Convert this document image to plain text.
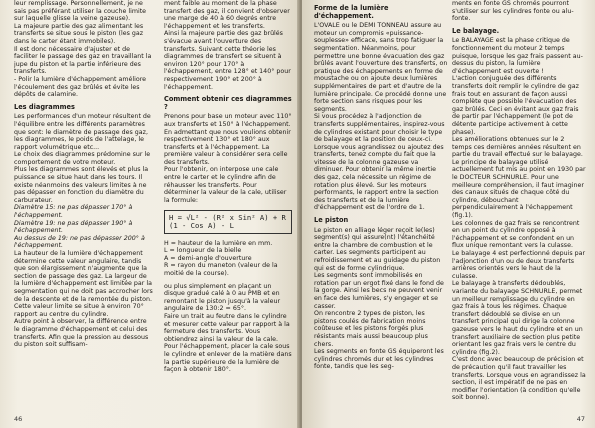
leur remplissage. Personnellement, je ne sais pas préférant utiliser la couche limite sur laquelle glisse la veine gazeuse).

La majeure partie des gaz alimentant les transferts se situe sous le piston (les gaz dans le carter étant immobiles).

Il est donc nécessaire d'ajuster et de faciliter le passage des gaz en travaillant la jupe du piston et la partie inférieure des transferts.

- Polir la lumière d'échappement améliore l'écoulement des gaz brûlés et évite les dépôts de calamine.

Les diagrammes

Les performances d'un moteur résultent de l'équilibre entre les différents paramètres que sont: le diamètre de passage des gaz, les diagrammes, le poids de l'attelage, le rapport volumétrique etc...

Le choix des diagrammes prédomine sur le comportement de votre moteur.

Plus les diagrammes sont élevés et plus la puissance se situe haut dans les tours. Il existe néanmoins des valeurs limites à ne pas dépasser en fonction du diamètre du carburateur.

Diamètre 15: ne pas dépasser 170° à l'échappement.

Diamètre 19: ne pas dépasser 190° à l'échappement.

Au dessus de 19: ne pas dépasser 200° à l'échappement.

La hauteur de la lumière d'échappement détermine cette valeur angulaire, tandis que son élargissement n'augmente que la section de passage des gaz. La largeur de la lumière d'échappement est limitée par la segmentation qui ne doit pas accrocher lors de la descente et de la remontée du piston. Cette valeur limite se situe à environ 70° rapport au centre du cylindre.

Autre point à observer, la différence entre le diagramme d'échappement et celui des transferts. Afin que la pression au dessous du piston soit suffisam-

ment faible au moment de la phase transfert des gaz, il convient d'observer une marge de 40 à 60 degrés entre l'échappement et les transferts.

Ainsi la majeure partie des gaz brûlés s'évacue avant l'ouverture des transferts. Suivant cette théorie les diagrammes de transfert se situent à environ 120° pour 170° à l'échappement, entre 128° et 140° pour respectivement 190° et 200° à l'échappement.

Comment obtenir ces diagrammes ?

Prenons pour base un moteur avec 110° aux transferts et 150° à l'échappement. En admettant que nous voulions obtenir respectivement 130° et 180° aux transferts et à l'échappement. La première valeur à considérer sera celle des transferts.

Pour l'obtenir, on interpose une cale entre le carter et le cylindre afin de réhausser les transferts. Pour déterminer la valeur de la cale, utiliser la formule:

H = √L² - (R² x Sin² A) + R (1 - Cos A) - L

H = hauteur de la lumière en mm.

L = longueur de la bielle

A = demi-angle d'ouverture

R = rayon du maneton (valeur de la moitié de la course).

ou plus simplement en plaçant un disque gradué calé à 0 au PMB et en remontant le piston jusqu'à la valeur angulaire de 130:2 = 65°.

Faire un trait au feutre dans le cylindre et mesurer cette valeur par rapport à la fermeture des transferts. Vous obtiendrez ainsi la valeur de la cale.

Pour l'échappement, placer la cale sous le cylindre et enlever de la matière dans la partie supérieure de la lumière de façon à obtenir 180°.

46

Forme de la lumière d'échappement.

L'OVALE ou le DEMI TONNEAU assure au moteur un compromis «puissance-souplesse» efficace, sans trop fatiguer la segmentation. Néanmoins, pour permettre une bonne évacuation des gaz brûlés avant l'ouverture des transferts, on pratique des échappements en forme de moustache ou on ajoute deux lumières supplémentaires de part et d'autre de la lumière principale. Ce procédé donne une forte section sans risques pour les segments.

Si vous procédez à l'adjonction de transferts supplémentaires, inspirez-vous de cylindres existant pour choisir le type de balayage et la position de ceux-ci.

Lorsque vous agrandissez ou ajoutez des transferts, tenez compte du fait que la vitesse de la colonne gazeuse va diminuer. Pour obtenir la même inertie des gaz, cela nécessite un régime de rotation plus élevé. Sur les moteurs performants, le rapport entre la section des transferts et de la lumière d'échappement est de l'ordre de 1.

Le piston

Le piston en alliage léger reçoit le(les) segment(s) qui assure(nt) l'étanchéité entre la chambre de combustion et le carter. Les segments participent au refroidissement et au guidage du piston qui est de forme cylindrique.

Les segments sont immobilisés en rotation par un ergot fixé dans le fond de la gorge. Ainsi les becs ne peuvent venir en face des lumières, s'y engager et se casser.

On rencontre 2 types de piston, les pistons coulés de fabrication moins coûteuse et les pistons forgés plus résistants mais aussi beaucoup plus chers.

Les segments en fonte GS équiperont les cylindres chromés dur et les cylindres fonte, tandis que les seg-

ments en fonte GS chromés pourront s'utiliser sur les cylindres fonte ou alu-fonte.

Le balayage.

Le BALAYAGE est la phase critique de fonctionnement du moteur 2 temps puisque, lorsque les gaz frais passent au-dessus du piston, la lumière d'échappement est ouverte !

L'action conjuguée des différents transferts doit remplir le cylindre de gaz frais tout en assurant de façon aussi complète que possible l'évacuation des gaz brûlés. Ceci en évitant aux gaz frais de partir par l'échappement (le pot de détente participe activement à cette phase).

Les améliorations obtenues sur le 2 temps ces dernières années résultent en partie du travail effectué sur le balayage.

Le principe de balayage utilisé actuellement fut mis au point en 1930 par le DOCTEUR SCHNURLE. Pour une meilleure compréhension, il faut imaginer des canaux situés de chaque côté du cylindre, débouchant perpendiculairement à l'échappement (fig.1).

Les colonnes de gaz frais se rencontrent en un point du cylindre opposé à l'échappement et se confondent en un flux unique remontant vers la culasse.

Le balayage 4 est perfectionné depuis par l'adjonction d'un ou de deux transferts arrières orientés vers le haut de la culasse.

Le balayage à transferts dédoublés, variante du balayage SCHNURLE, permet un meilleur remplissage du cylindre en gaz frais à tous les régimes. Chaque transfert dédoublé se divise en un transfert principal qui dirige la colonne gazeuse vers le haut du cylindre et en un transfert auxiliaire de section plus petite orientant les gaz frais vers le centre du cylindre (fig.2).

C'est donc avec beaucoup de précision et de précaution qu'il faut travailler les transferts. Lorsque vous en agrandissez la section, il est impératif de ne pas en modifier l'orientation (à condition qu'elle soit bonne).

47
